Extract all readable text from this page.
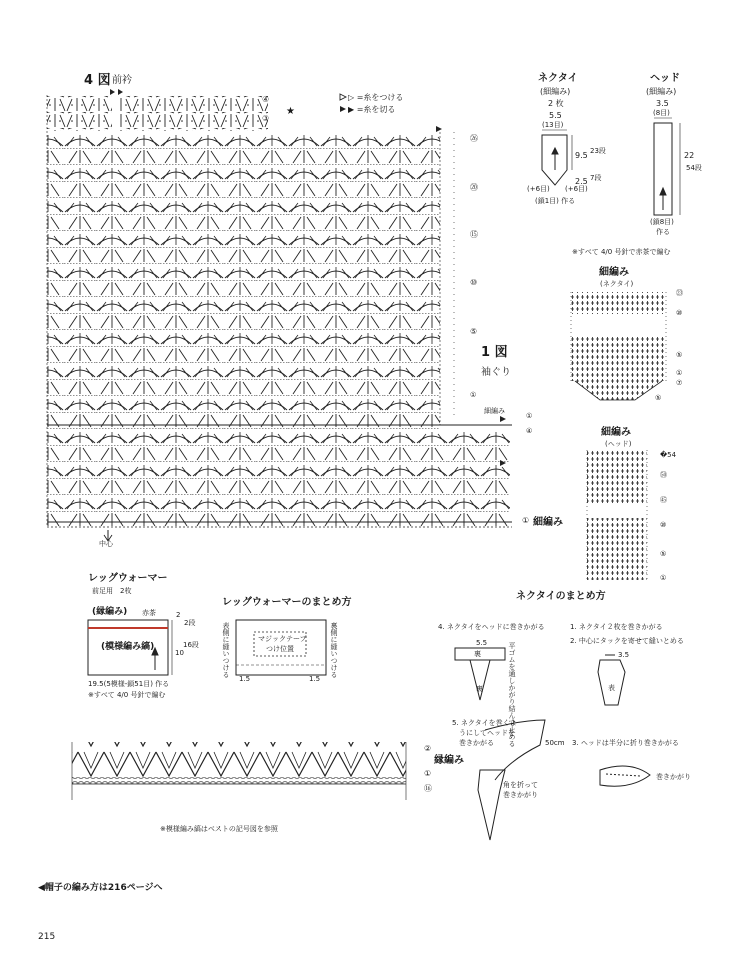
4 図 前衿
▷ =糸をつける
▶ =糸を切る
★
④
③
㉖
⑳
⑮
⑩
⑤
1 図
袖ぐり
①
細編み
①
④
① 細編み
中心
ネクタイ
(細編み)
2 枚
5.5
(13目)
9.5 23段
2.5 7段
(+6目) (+6目)
(鎖1目) 作る
ヘッド
(細編み)
3.5
(8目)
22
54段
(鎖8目)
作る
※すべて 4/0 号針で赤茶で編む
細編み
(ネクタイ)
㉓
⑩
⑤
①
⑦
⑤
細編み
(ヘッド)
�54
㊿
㊺
⑩
⑤
①
レッグウォーマー
前足用　2枚
(縁編み) 赤茶	2
2段
(模様編み縞)
10
16段
19.5(5模様-鎖51目) 作る
※すべて 4/0 号針で編む
レッグウォーマーのまとめ方
表側に縫いつける	裏側に縫いつける
マジックテープ
つけ位置
1.5	1.5
ネクタイのまとめ方
1. ネクタイ２枚を巻きかがる
2. 中心にタックを寄せて縫いとめる
3.5
表
4. ネクタイをヘッドに巻きかがる
5.5
裏
裏	平ゴムを通しかがり結んで止める
5. ネクタイを巻くよ
うにしてヘッドを
巻きかがる	50cm
角を折って
巻きかがり
3. ヘッドは半分に折り巻きかがる
巻きかがり
②
縁編み
①
⑯
※模様編み縞はベストの記号図を参照
◀帽子の編み方は216ページへ
215
